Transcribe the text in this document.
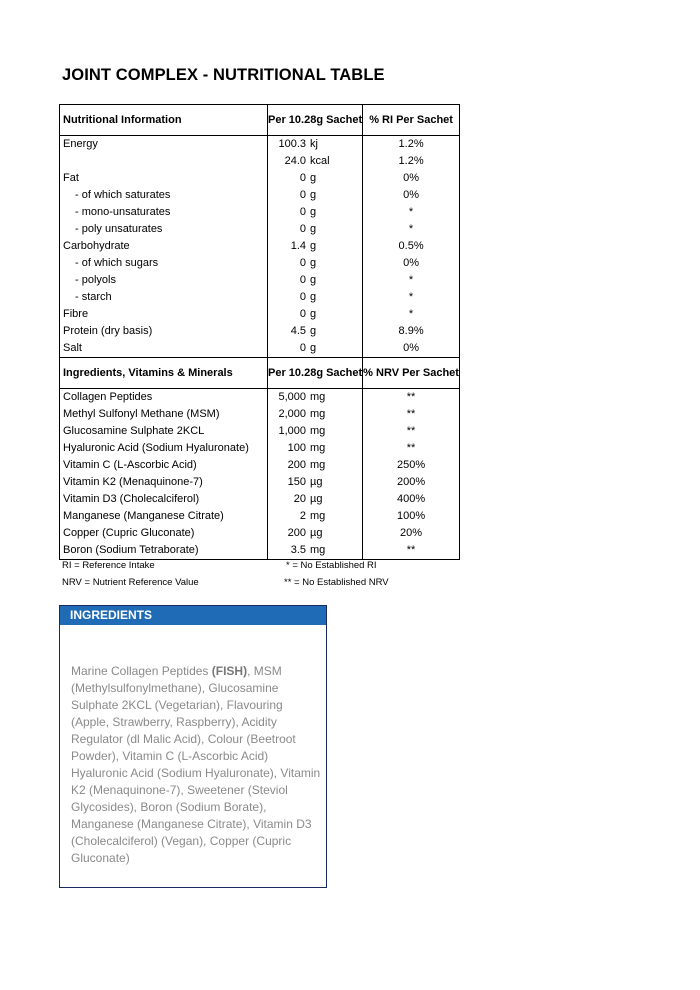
JOINT COMPLEX - NUTRITIONAL TABLE
Nutritional Information	Per 10.28g Sachet	% RI Per Sachet
Energy	100.3 kj	1.2%

	24.0 kcal	1.2%
Fat	0 g	0%
- of which saturates	0 g	0%
- mono-unsaturates	0 g	*
- poly unsaturates	0 g	*
Carbohydrate	1.4 g	0.5%
- of which sugars	0 g	0%
- polyols	0 g	*
- starch	0 g	*
Fibre	0 g	*
Protein (dry basis)	4.5 g	8.9%
Salt	0 g	0%
Ingredients, Vitamins & Minerals	Per 10.28g Sachet	% NRV Per Sachet
Collagen Peptides	5,000 mg	**
Methyl Sulfonyl Methane (MSM)	2,000 mg	**
Glucosamine Sulphate 2KCL	1,000 mg	**
Hyaluronic Acid (Sodium Hyaluronate)	100 mg	**
Vitamin C (L-Ascorbic Acid)	200 mg	250%
Vitamin K2 (Menaquinone-7)	150 µg	200%
Vitamin D3 (Cholecalciferol)	20 µg	400%
Manganese (Manganese Citrate)	2 mg	100%
Copper (Cupric Gluconate)	200 µg	20%
Boron (Sodium Tetraborate)	3.5 mg	**
RI = Reference Intake	* = No Established RI
NRV = Nutrient Reference Value	** = No Established NRV
INGREDIENTS
Marine Collagen Peptides (FISH), MSM (Methylsulfonylmethane), Glucosamine Sulphate 2KCL (Vegetarian), Flavouring (Apple, Strawberry, Raspberry), Acidity Regulator (dl Malic Acid), Colour (Beetroot Powder), Vitamin C (L-Ascorbic Acid) Hyaluronic Acid (Sodium Hyaluronate), Vitamin K2 (Menaquinone-7), Sweetener (Steviol Glycosides), Boron (Sodium Borate), Manganese (Manganese Citrate), Vitamin D3 (Cholecalciferol) (Vegan), Copper (Cupric Gluconate)
